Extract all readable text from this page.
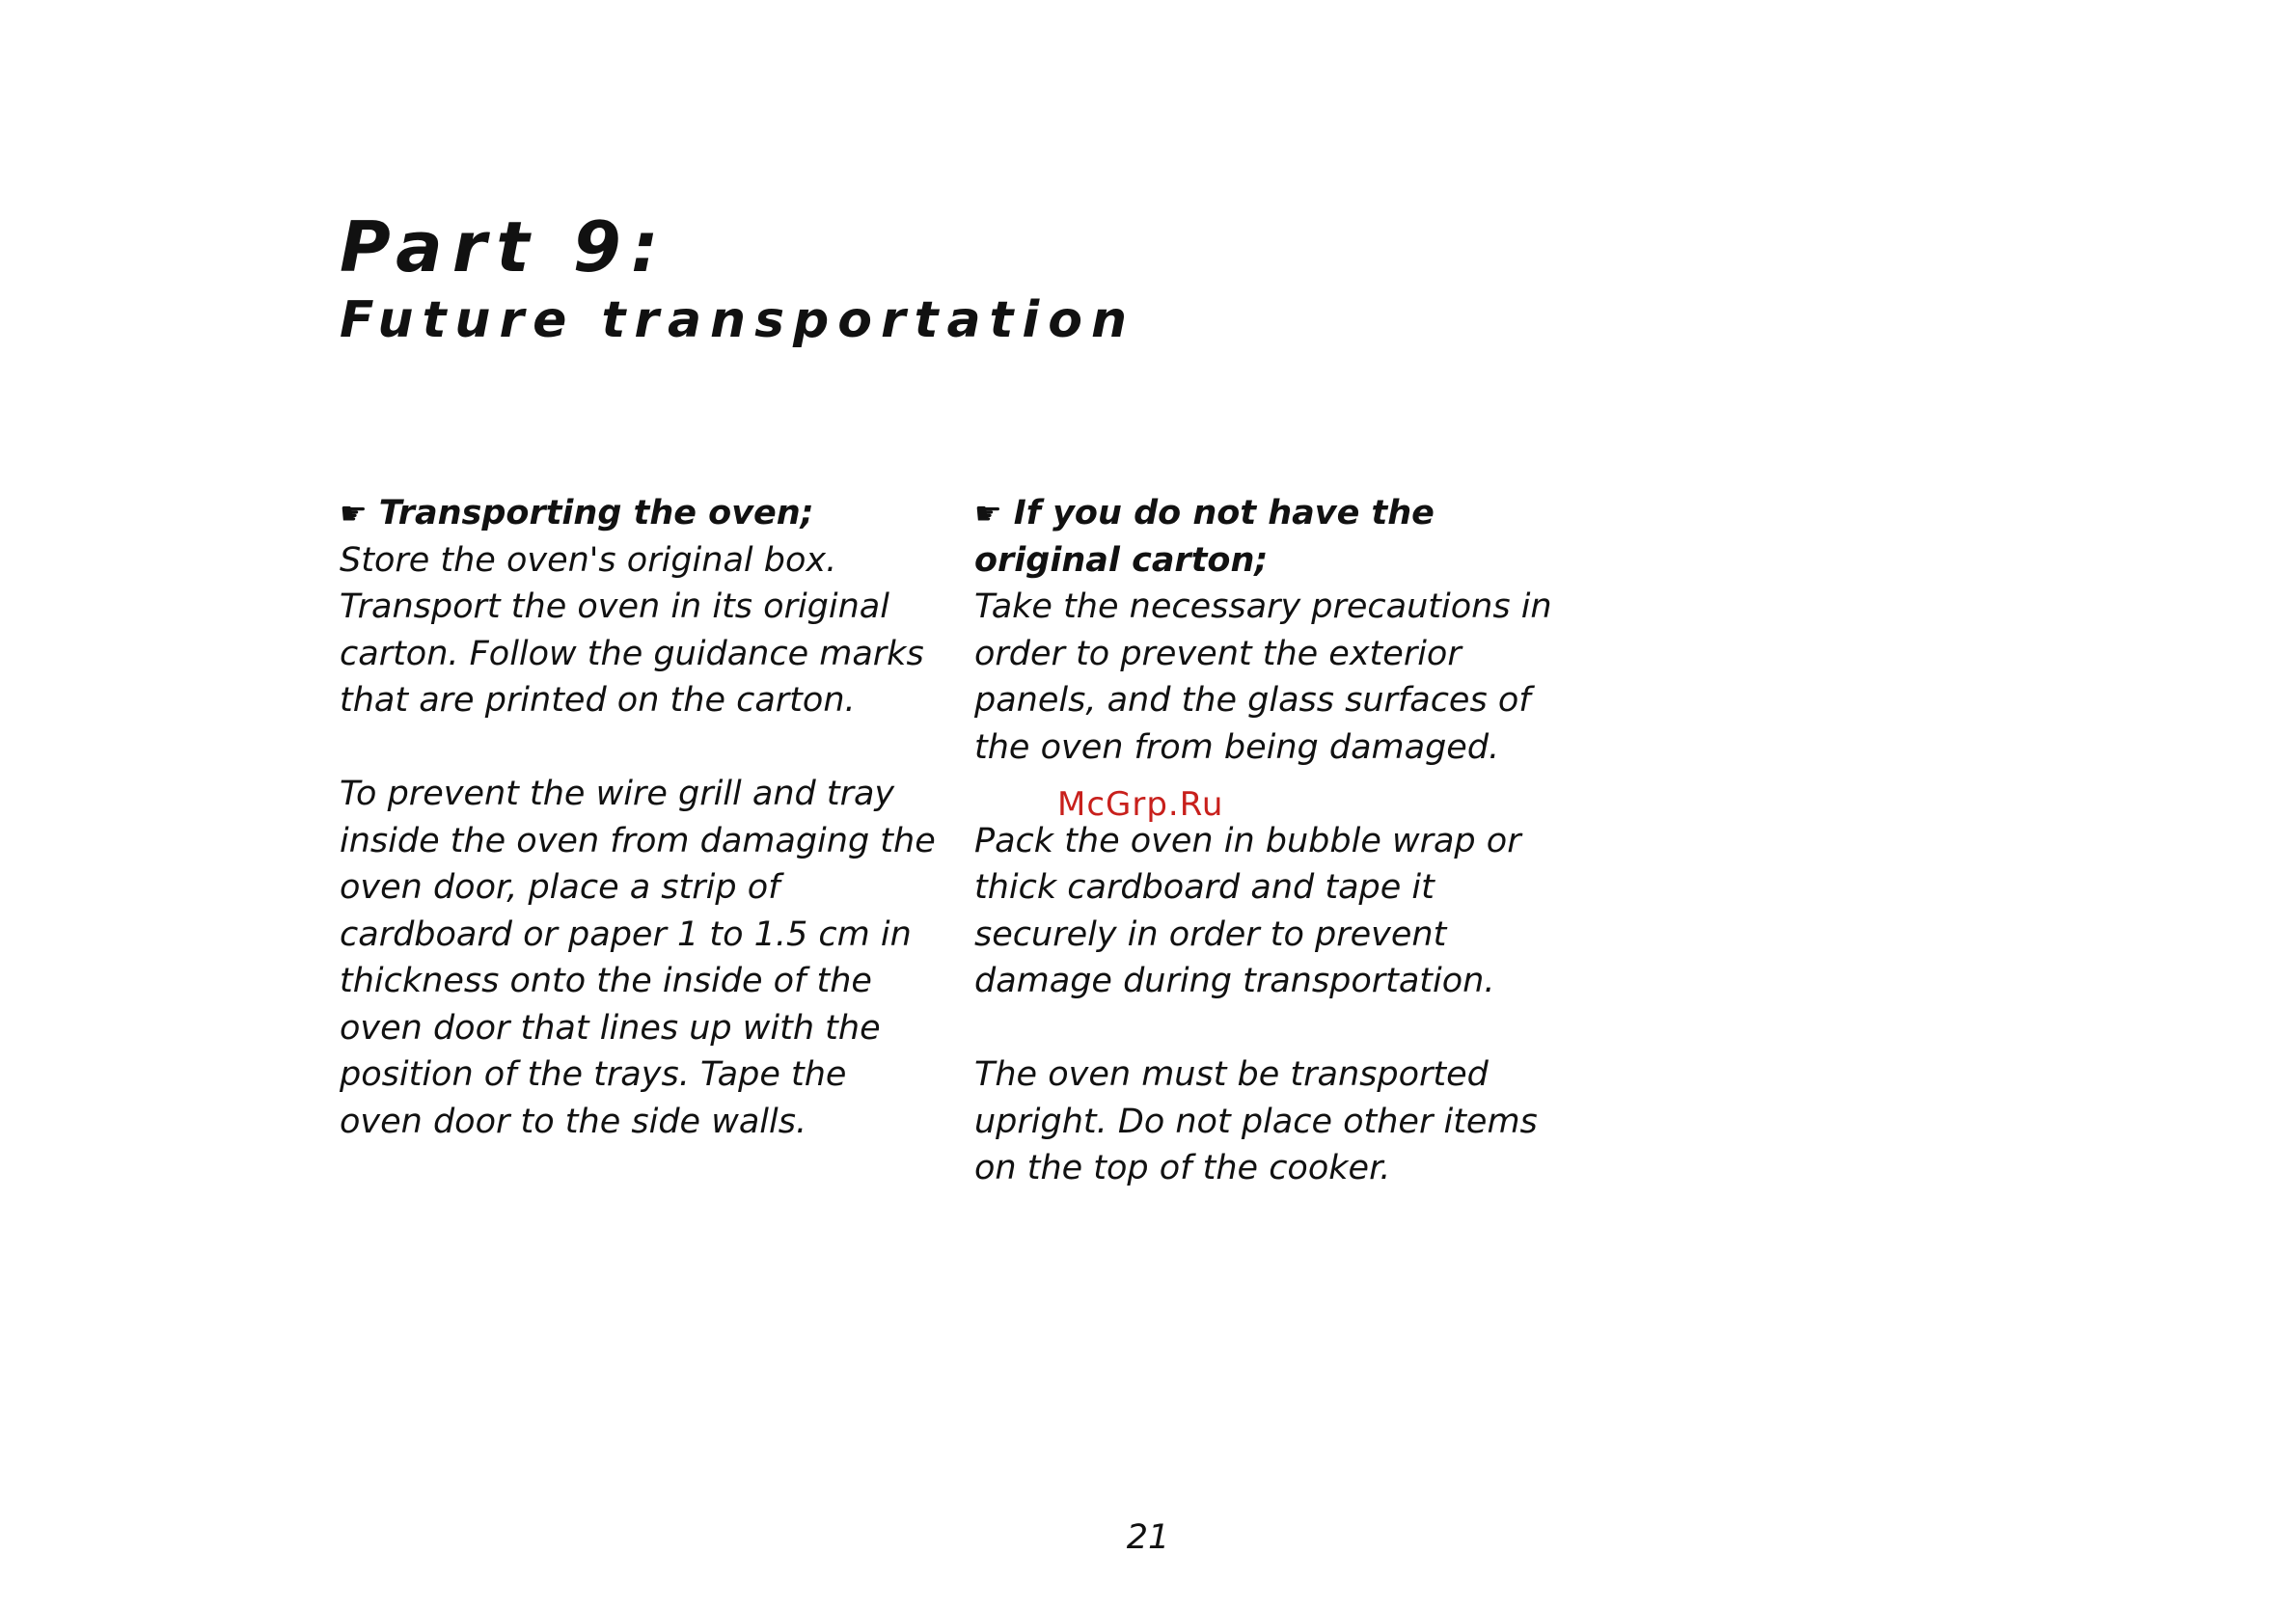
Part 9:
Future transportation

☛ Transporting the oven;

Store the oven's original box. Transport the oven in its original carton. Follow the guidance marks that are printed on the carton.

To prevent the wire grill and tray inside the oven from damaging the oven door, place a strip of cardboard or paper 1 to 1.5 cm in thickness onto the inside of the oven door that lines up with the position of the trays. Tape the oven door to the side walls.

☛ If you do not have the original carton;

Take the necessary precautions in order to prevent the exterior panels, and the glass surfaces of the oven from being damaged.

Pack the oven in bubble wrap or thick cardboard and tape it securely in order to prevent damage during transportation.

The oven must be transported upright. Do not place other items on the top of the cooker.

McGrp.Ru
21
